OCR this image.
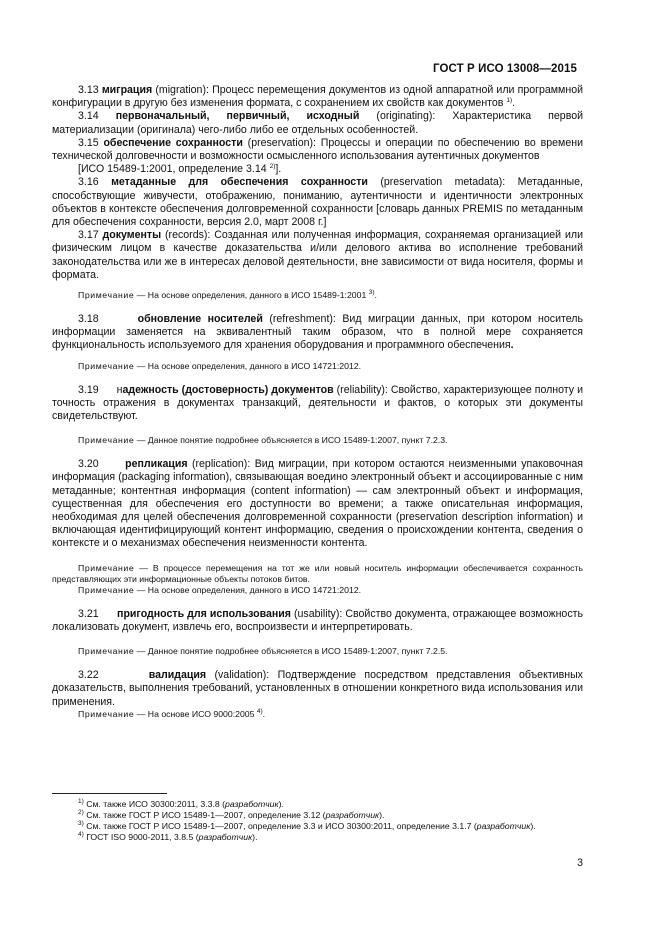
ГОСТ Р ИСО 13008—2015

3.13 миграция (migration): Процесс перемещения документов из одной аппаратной или программной конфигурации в другую без изменения формата, с сохранением их свойств как документов $^{1)}$.

3.14 первоначальный, первичный, исходный (originating): Характеристика первой материализации (оригинала) чего-либо либо ее отдельных особенностей.

3.15 обеспечение сохранности (preservation): Процессы и операции по обеспечению во времени технической долговечности и возможности осмысленного использования аутентичных документов

[ИСО 15489-1:2001, определение 3.14 $^{2)}$].

3.16 метаданные для обеспечения сохранности (preservation metadata): Метаданные, способствующие живучести, отображению, пониманию, аутентичности и идентичности электронных объектов в контексте обеспечения долговременной сохранности [словарь данных PREMIS по метаданным для обеспечения сохранности, версия 2.0, март 2008 г.]

3.17 документы (records): Созданная или полученная информация, сохраняемая организацией или физическим лицом в качестве доказательства и/или делового актива во исполнение требований законодательства или же в интересах деловой деятельности, вне зависимости от вида носителя, формы и формата.

Примечание — На основе определения, данного в ИСО 15489-1:2001 $^{3)}$.

3.18	обновление носителей (refreshment): Вид миграции данных, при котором носитель информации заменяется на эквивалентный таким образом, что в полной мере сохраняется функциональность используемого для хранения оборудования и программного обеспечения.

Примечание — На основе определения, данного в ИСО 14721:2012.

3.19 надежность (достоверность) документов (reliability): Свойство, характеризующее полноту и точность отражения в документах транзакций, деятельности и фактов, о которых эти документы свидетельствуют.

Примечание — Данное понятие подробнее объясняется в ИСО 15489-1:2007, пункт 7.2.3.

3.20	репликация (replication): Вид миграции, при котором остаются неизменными упаковочная информация (packaging information), связывающая воедино электронный объект и ассоциированные с ним метаданные; контентная информация (content information) — сам электронный объект и информация, существенная для обеспечения его доступности во времени; а также описательная информация, необходимая для целей обеспечения долговременной сохранности (preservation description information) и включающая идентифицирующий контент информацию, сведения о происхождении контента, сведения о контексте и о механизмах обеспечения неизменности контента.

Примечание — В процессе перемещения на тот же или новый носитель информации обеспечивается сохранность представляющих эти информационные объекты потоков битов.

Примечание — На основе определения, данного в ИСО 14721:2012.

3.21 пригодность для использования (usability): Свойство документа, отражающее возможность локализовать документ, извлечь его, воспроизвести и интерпретировать.

Примечание — Данное понятие подробнее объясняется в ИСО 15489-1:2007, пункт 7.2.5.

3.22	валидация (validation): Подтверждение посредством представления объективных доказательств, выполнения требований, установленных в отношении конкретного вида использования или применения.

Примечание — На основе ИСО 9000:2005 $^{4)}$.

$^{1)}$ См. также ИСО 30300:2011, 3.3.8 (разработчик).

$^{2)}$ См. также ГОСТ Р ИСО 15489-1—2007, определение 3.12 (разработчик).

$^{3)}$ См. также ГОСТ Р ИСО 15489-1—2007, определение 3.3 и ИСО 30300:2011, определение 3.1.7 (разработчик).

$^{4)}$ ГОСТ ISO 9000-2011, 3.8.5 (разработчик).

3
